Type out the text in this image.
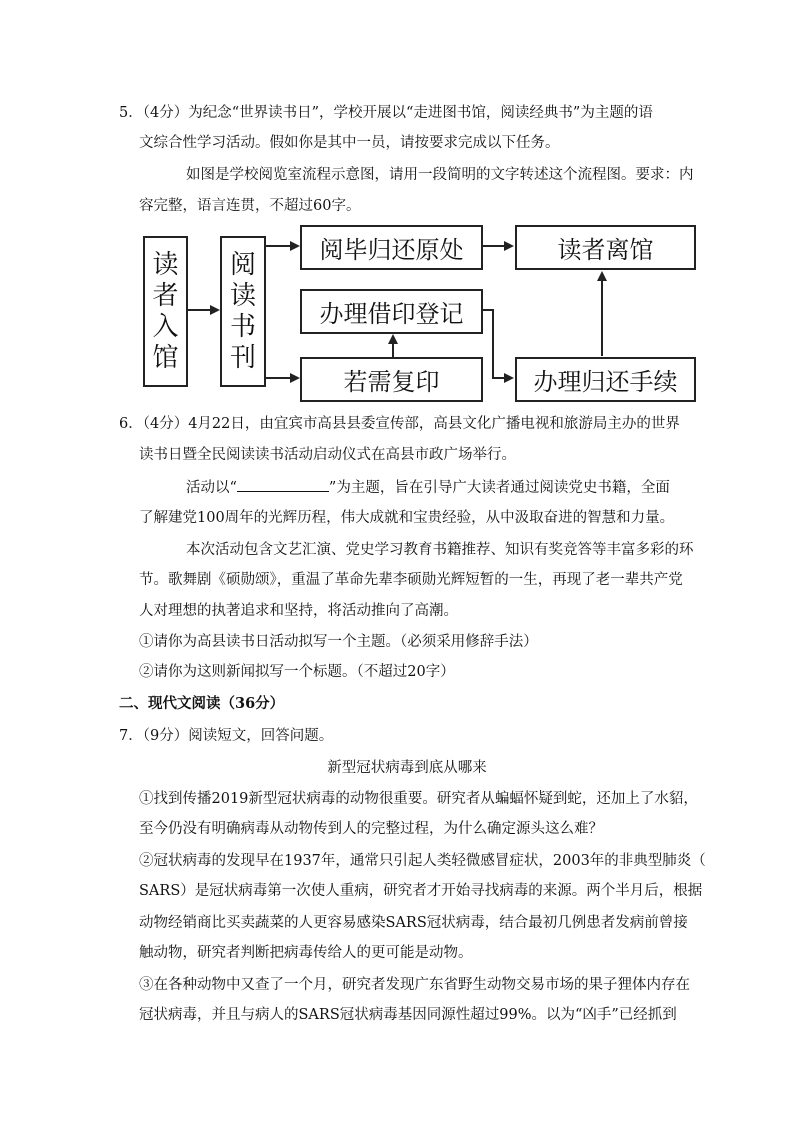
5．（4分）为纪念“世界读书日”，学校开展以“走进图书馆，阅读经典书”为主题的语
文综合性学习活动。假如你是其中一员，请按要求完成以下任务。
如图是学校阅览室流程示意图，请用一段简明的文字转述这个流程图。要求：内
容完整，语言连贯，不超过60字。
读
者
入
馆
阅
读
书
刊
阅毕归还原处	读者离馆
办理借印登记
若需复印	办理归还手续
6．（4分）4月22日，由宜宾市高县县委宣传部，高县文化广播电视和旅游局主办的世界
读书日暨全民阅读读书活动启动仪式在高县市政广场举行。
活动以“	”为主题，旨在引导广大读者通过阅读党史书籍，全面
了解建党100周年的光辉历程，伟大成就和宝贵经验，从中汲取奋进的智慧和力量。
本次活动包含文艺汇演、党史学习教育书籍推荐、知识有奖竞答等丰富多彩的环
节。歌舞剧《硕勋颂》，重温了革命先辈李硕勋光辉短暂的一生，再现了老一辈共产党
人对理想的执著追求和坚持，将活动推向了高潮。
①请你为高县读书日活动拟写一个主题。（必须采用修辞手法）
②请你为这则新闻拟写一个标题。（不超过20字）
二、现代文阅读（36分）
7．（9分）阅读短文，回答问题。
新型冠状病毒到底从哪来
①找到传播2019新型冠状病毒的动物很重要。研究者从蝙蝠怀疑到蛇，还加上了水貂，
至今仍没有明确病毒从动物传到人的完整过程，为什么确定源头这么难？
②冠状病毒的发现早在1937年，通常只引起人类轻微感冒症状，2003年的非典型肺炎（
SARS）是冠状病毒第一次使人重病，研究者才开始寻找病毒的来源。两个半月后，根据
动物经销商比买卖蔬菜的人更容易感染SARS冠状病毒，结合最初几例患者发病前曾接
触动物，研究者判断把病毒传给人的更可能是动物。
③在各种动物中又查了一个月，研究者发现广东省野生动物交易市场的果子狸体内存在
冠状病毒，并且与病人的SARS冠状病毒基因同源性超过99%。以为“凶手”已经抓到
